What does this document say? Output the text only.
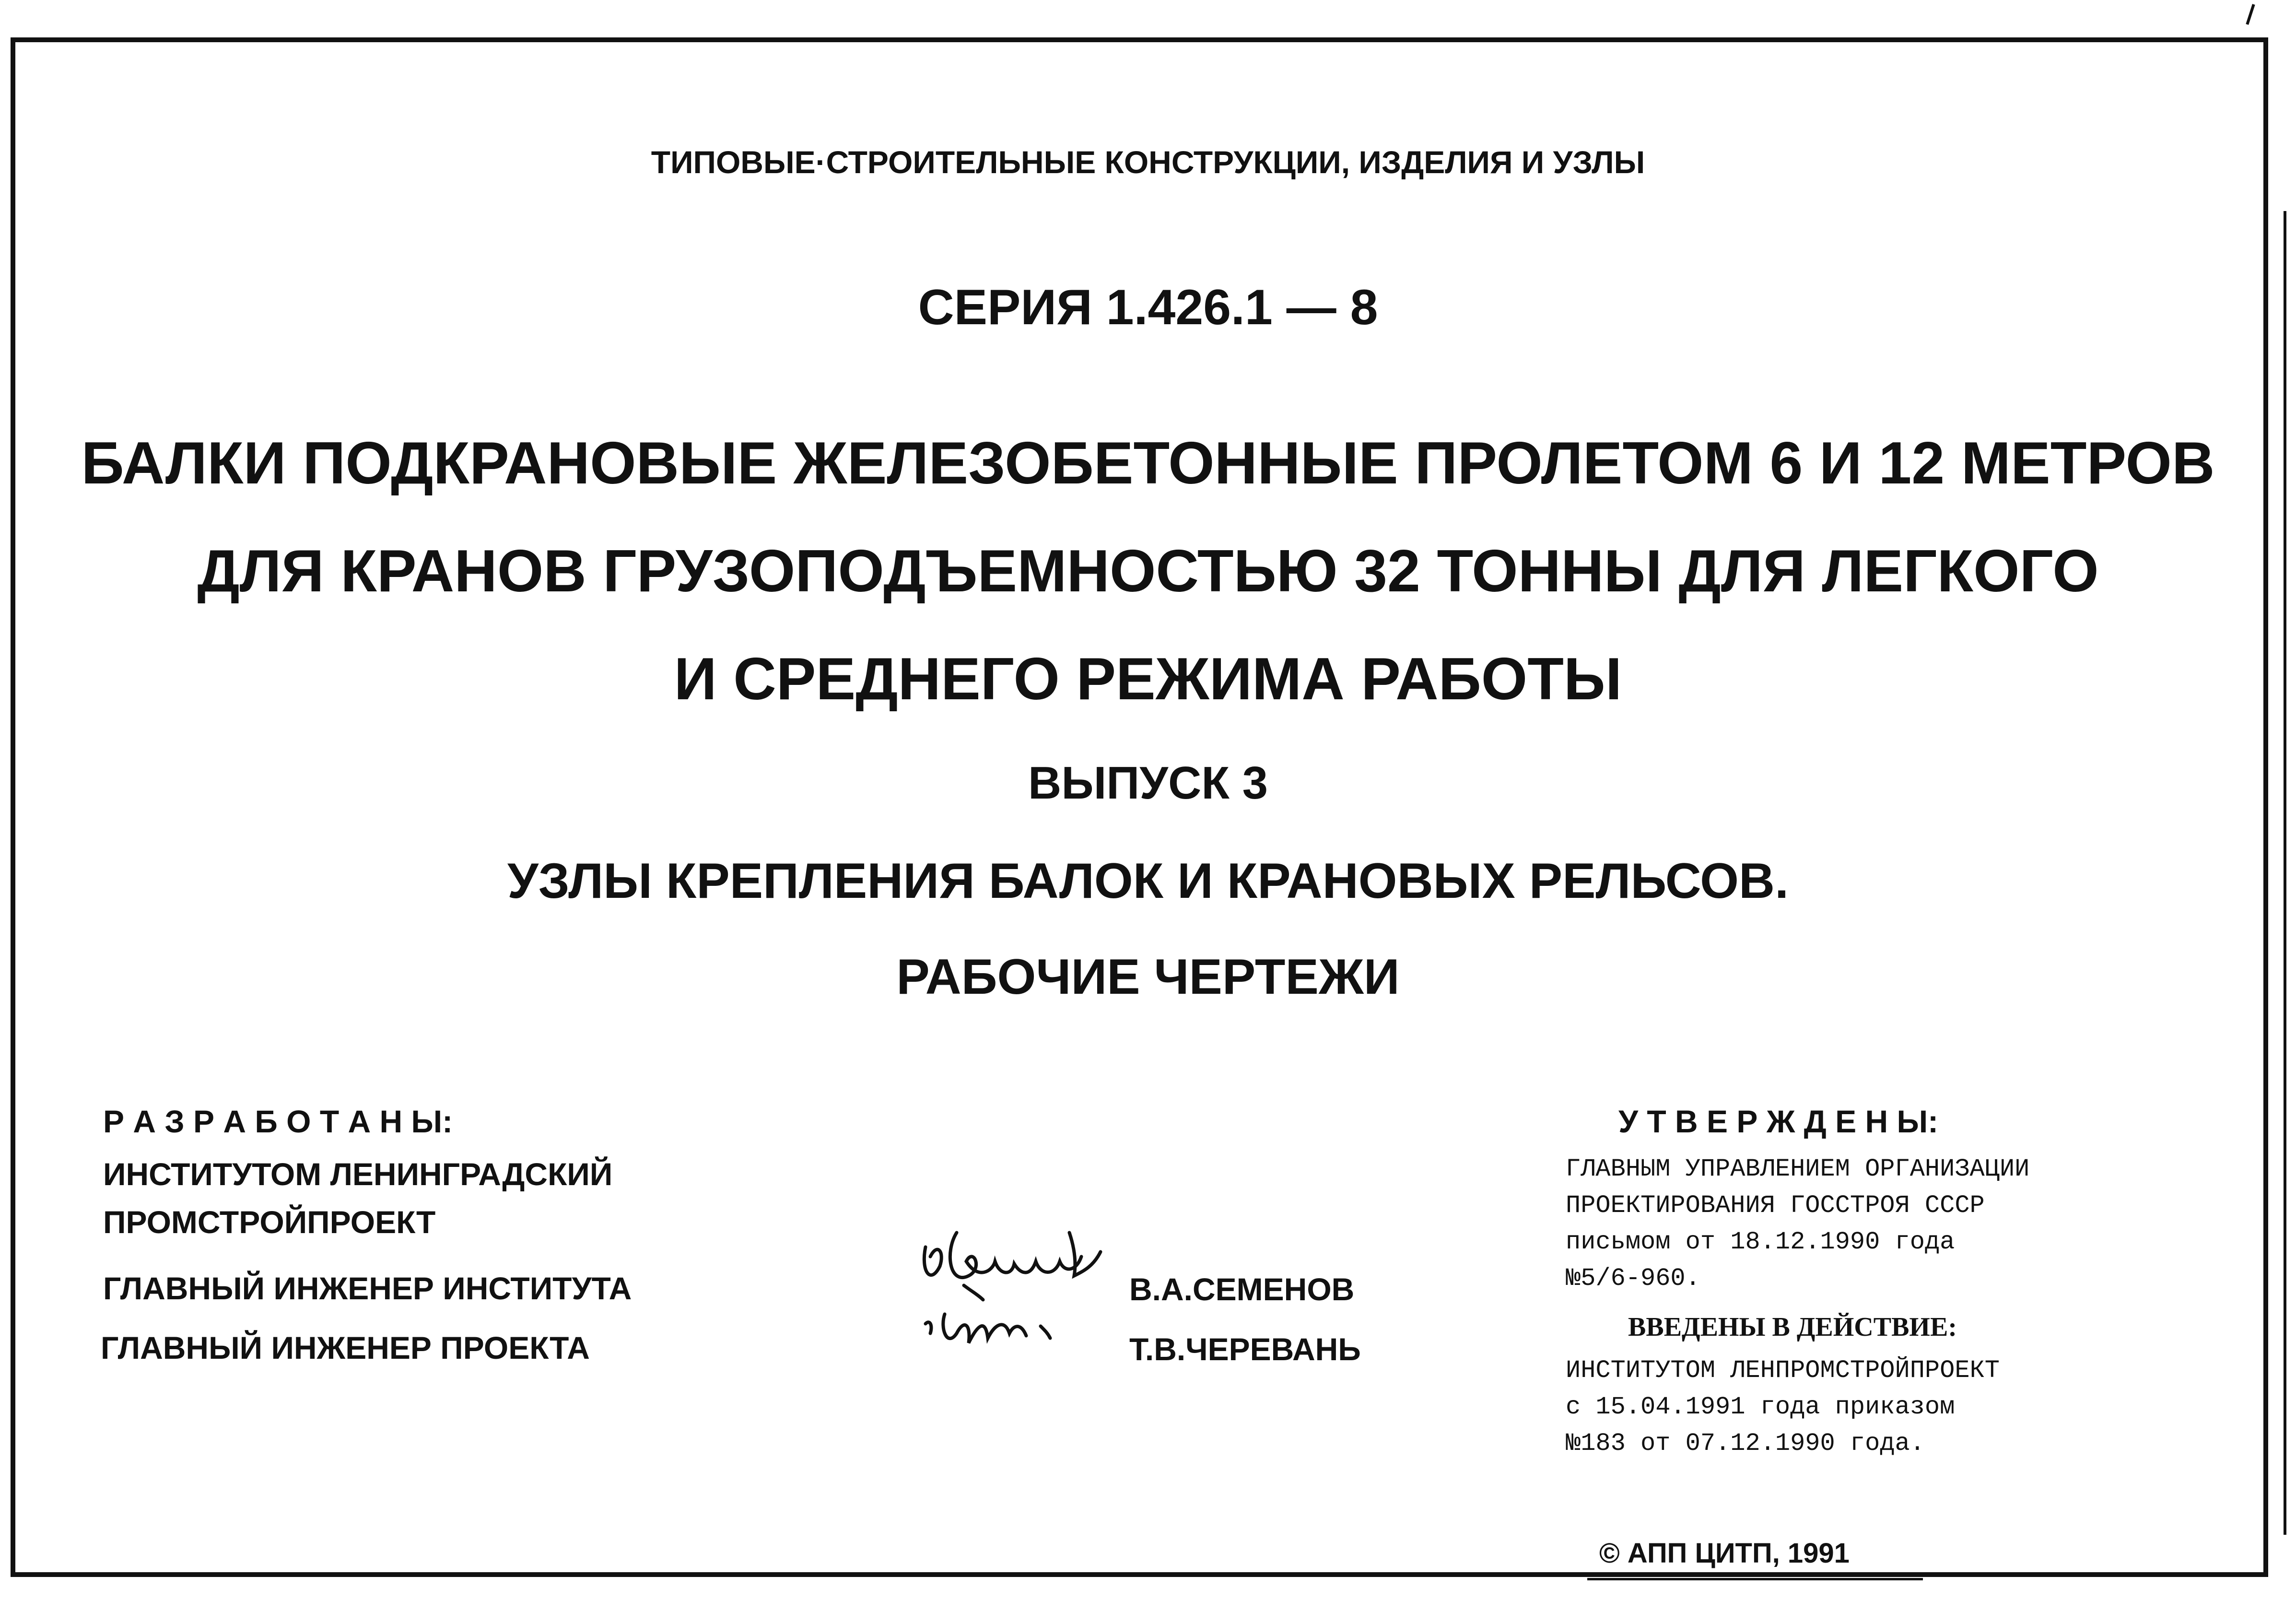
ТИПОВЫЕ·СТРОИТЕЛЬНЫЕ КОНСТРУКЦИИ, ИЗДЕЛИЯ И УЗЛЫ
СЕРИЯ 1.426.1 — 8
БАЛКИ ПОДКРАНОВЫЕ ЖЕЛЕЗОБЕТОННЫЕ ПРОЛЕТОМ 6 И 12 МЕТРОВ
ДЛЯ КРАНОВ ГРУЗОПОДЪЕМНОСТЬЮ 32 ТОННЫ ДЛЯ ЛЕГКОГО
И СРЕДНЕГО РЕЖИМА РАБОТЫ
ВЫПУСК 3
УЗЛЫ КРЕПЛЕНИЯ БАЛОК И КРАНОВЫХ РЕЛЬСОВ.
РАБОЧИЕ ЧЕРТЕЖИ
Р А З Р А Б О Т А Н Ы:
ИНСТИТУТОМ ЛЕНИНГРАДСКИЙ
ПРОМСТРОЙПРОЕКТ
ГЛАВНЫЙ ИНЖЕНЕР ИНСТИТУТА
ГЛАВНЫЙ ИНЖЕНЕР ПРОЕКТА
В.А.СЕМЕНОВ
Т.В.ЧЕРЕВАНЬ
У Т В Е Р Ж Д Е Н Ы:
ГЛАВНЫМ УПРАВЛЕНИЕМ ОРГАНИЗАЦИИ
ПРОЕКТИРОВАНИЯ ГОССТРОЯ СССР
письмом от 18.12.1990 года
№5/6-960.
ВВЕДЕНЫ В ДЕЙСТВИЕ:
ИНСТИТУТОМ ЛЕНПРОМСТРОЙПРОЕКТ
с 15.04.1991 года приказом
№183 от 07.12.1990 года.
© АПП ЦИТП, 1991
